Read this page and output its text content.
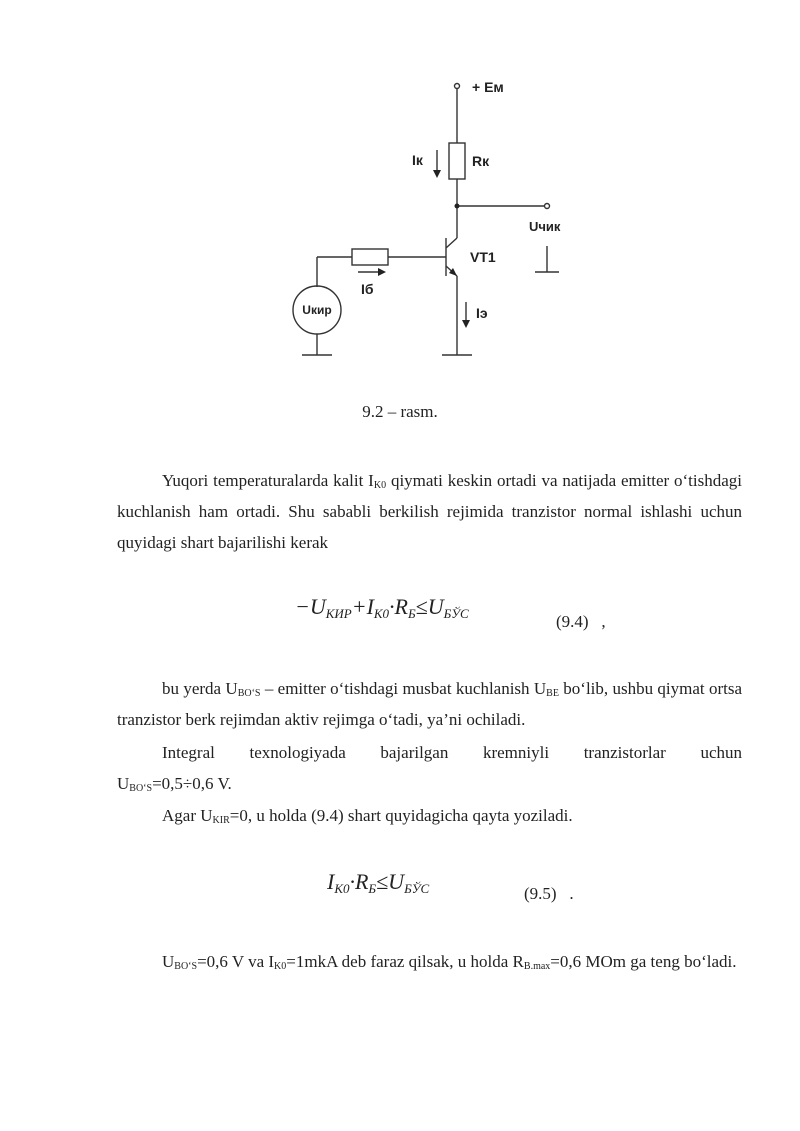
+ Eм
Iк	Rк
Uчик
VT1
Iб
Uкир	Iэ
9.2 – rasm.

Yuqori temperaturalarda kalit $I_{K0}$ qiymati keskin ortadi va natijada emitter o‘tishdagi kuchlanish ham ortadi. Shu sababli berkilish rejimida tranzistor normal ishlashi uchun quyidagi shart bajarilishi kerak

$-U_{КИР}+I_{К0}\cdot R_Б\le U_{БЎС}$	(9.4) ,

bu yerda $U_{BO‘S}$ – emitter o‘tishdagi musbat kuchlanish $U_{BE}$ bo‘lib, ushbu qiymat ortsa tranzistor berk rejimdan aktiv rejimga o‘tadi, ya’ni ochiladi.

Integral texnologiyada bajarilgan kremniyli tranzistorlar uchun
$U_{BO‘S}=0,5\div 0,6$ V.
Agar $U_{KIR}=0$, u holda (9.4) shart quyidagicha qayta yoziladi.
$I_{К0}\cdot R_Б\le U_{БЎС}$	(9.5) .

$U_{BO‘S}=0,6$ V va $I_{K0}=1mkA$ deb faraz qilsak, u holda $R_{B.max}=0,6$ MOm ga teng bo‘ladi.
